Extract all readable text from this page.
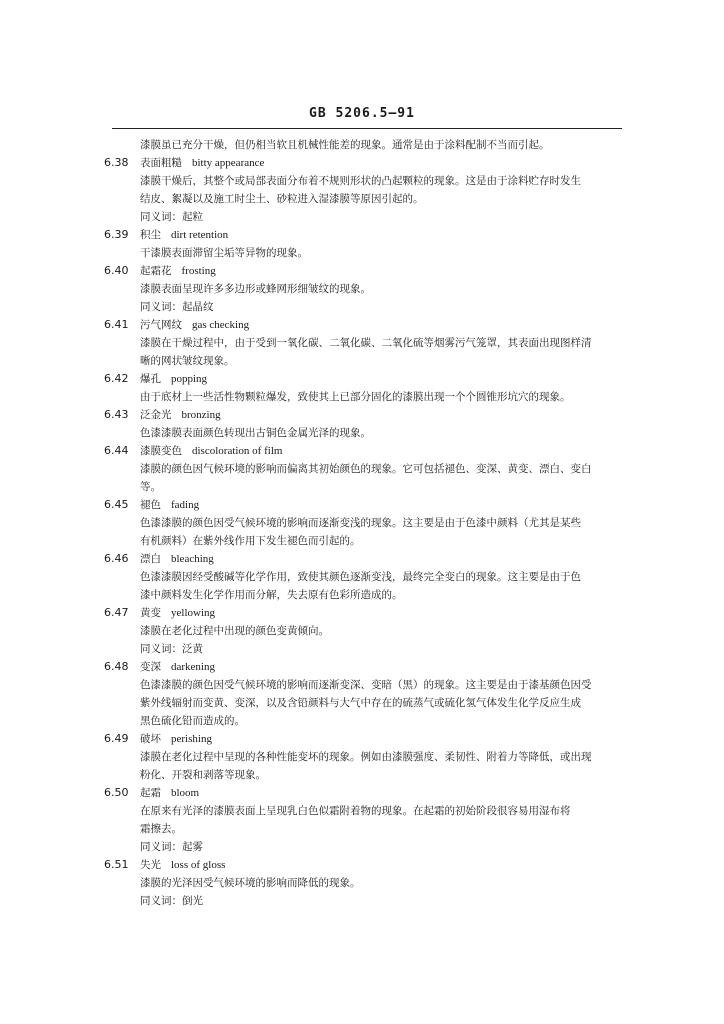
GB 5206.5—91
漆膜虽已充分干燥，但仍相当软且机械性能差的现象。通常是由于涂料配制不当而引起。
6.38	表面粗糙 bitty appearance
漆膜干燥后，其整个或局部表面分布着不规则形状的凸起颗粒的现象。这是由于涂料贮存时发生
结皮、絮凝以及施工时尘土、砂粒进入湿漆膜等原因引起的。
同义词：起粒
6.39	积尘 dirt retention
干漆膜表面滞留尘垢等异物的现象。
6.40	起霜花 frosting
漆膜表面呈现许多多边形或蜂网形细皱纹的现象。
同义词：起晶纹
6.41	污气网纹 gas checking
漆膜在干燥过程中，由于受到一氧化碳、二氧化碳、二氧化硫等烟雾污气笼罩，其表面出现图样清
晰的网状皱纹现象。
6.42	爆孔 popping
由于底材上一些活性物颗粒爆发，致使其上已部分固化的漆膜出现一个个圆锥形坑穴的现象。
6.43	泛金光 bronzing
色漆漆膜表面颜色转现出古铜色金属光泽的现象。
6.44	漆膜变色 discoloration of film
漆膜的颜色因气候环境的影响而偏离其初始颜色的现象。它可包括褪色、变深、黄变、漂白、变白
等。
6.45	褪色 fading
色漆漆膜的颜色因受气候环境的影响而逐渐变浅的现象。这主要是由于色漆中颜料（尤其是某些
有机颜料）在紫外线作用下发生褪色而引起的。
6.46	漂白 bleaching
色漆漆膜因经受酸碱等化学作用，致使其颜色逐渐变浅，最终完全变白的现象。这主要是由于色
漆中颜料发生化学作用而分解，失去原有色彩所造成的。
6.47	黄变 yellowing
漆膜在老化过程中出现的颜色变黄倾向。
同义词：泛黄
6.48	变深 darkening
色漆漆膜的颜色因受气候环境的影响而逐渐变深、变暗（黑）的现象。这主要是由于漆基颜色因受
紫外线辐射而变黄、变深，以及含铅颜料与大气中存在的硫蒸气或硫化氢气体发生化学反应生成
黑色硫化铅而造成的。
6.49	破坏 perishing
漆膜在老化过程中呈现的各种性能变坏的现象。例如由漆膜强度、柔韧性、附着力等降低，或出现
粉化、开裂和剥落等现象。
6.50	起霜 bloom
在原来有光泽的漆膜表面上呈现乳白色似霜附着物的现象。在起霜的初始阶段很容易用湿布将
霜擦去。
同义词：起雾
6.51	失光 loss of gloss
漆膜的光泽因受气候环境的影响而降低的现象。
同义词：倒光
